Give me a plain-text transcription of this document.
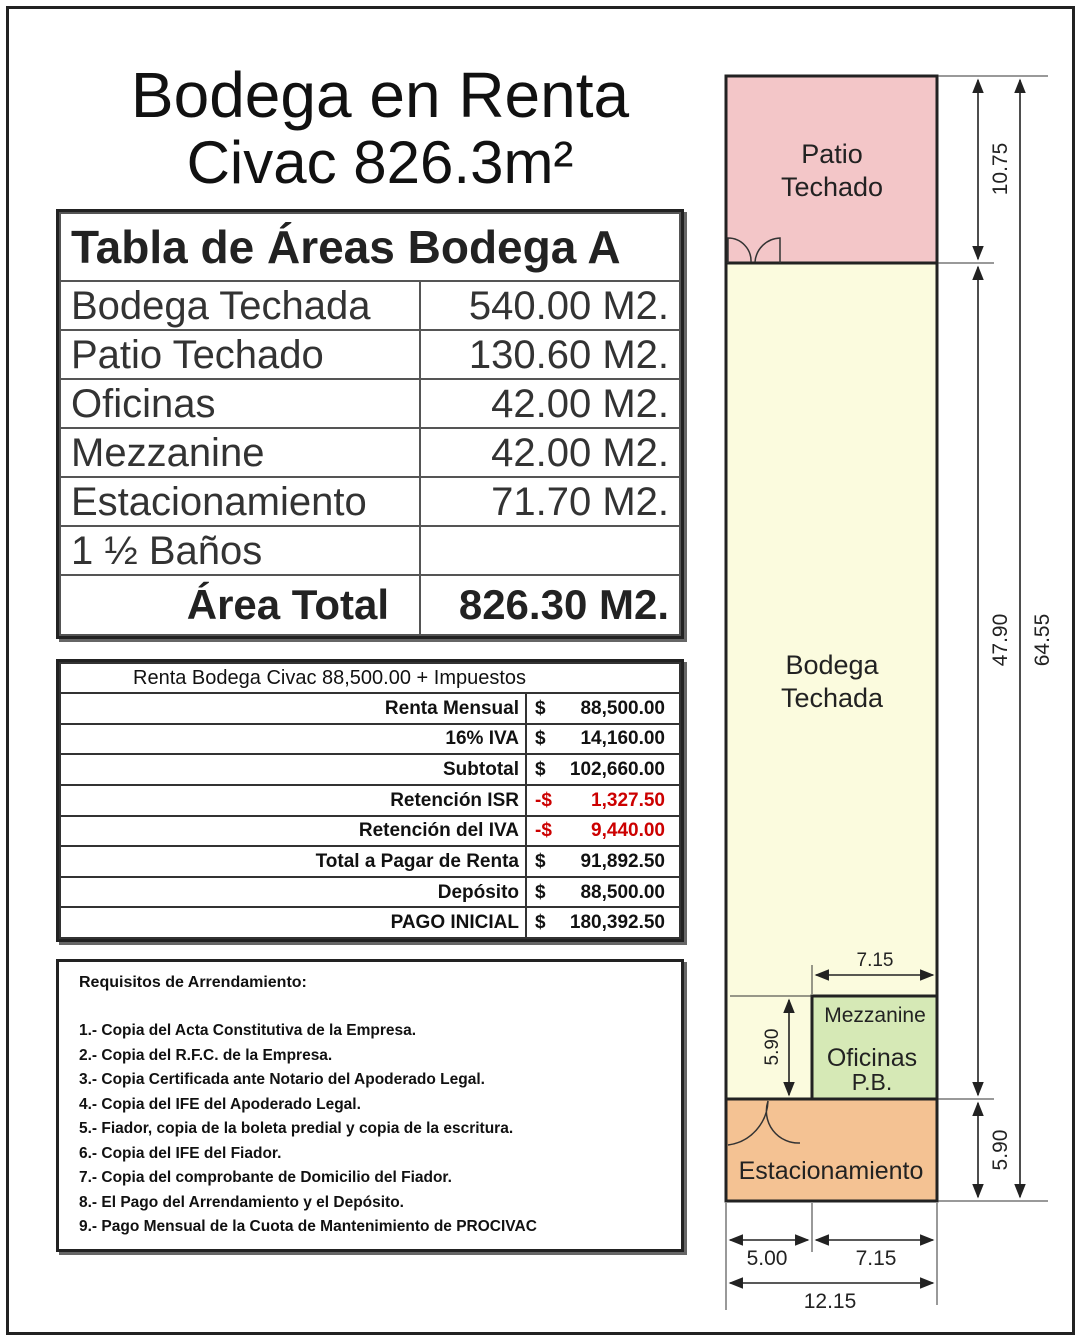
Bodega en Renta
Civac 826.3m²
Tabla de Áreas Bodega A	
Bodega Techada	540.00 M2.
Patio Techado	130.60 M2.
Oficinas	42.00 M2.
Mezzanine	42.00 M2.
Estacionamiento	71.70 M2.
1 ½ Baños	
Área Total	826.30 M2.
Renta Bodega Civac 88,500.00 + Impuestos	
Renta Mensual	$ 88,500.00
16% IVA	$ 14,160.00
Subtotal	$ 102,660.00
Retención ISR	-$ 1,327.50
Retención del IVA	-$ 9,440.00
Total a Pagar de Renta	$ 91,892.50
Depósito	$ 88,500.00
PAGO INICIAL	$ 180,392.50
Requisitos de Arrendamiento:
1.- Copia del Acta Constitutiva de la Empresa.
2.- Copia del R.F.C. de la Empresa.
3.- Copia Certificada ante Notario del Apoderado Legal.
4.- Copia del IFE del Apoderado Legal.
5.- Fiador, copia de la boleta predial y copia de la escritura.
6.- Copia del IFE del Fiador.
7.- Copia del comprobante de Domicilio del Fiador.
8.- El Pago del Arrendamiento y el Depósito.
9.- Pago Mensual de la Cuota de Mantenimiento de PROCIVAC
Patio
Techado
Bodega
Techada
Mezzanine
Oficinas
P.B.
Estacionamiento
10.75
47.90 64.55
5.90
5.90
7.15
5.00	7.15
12.15
